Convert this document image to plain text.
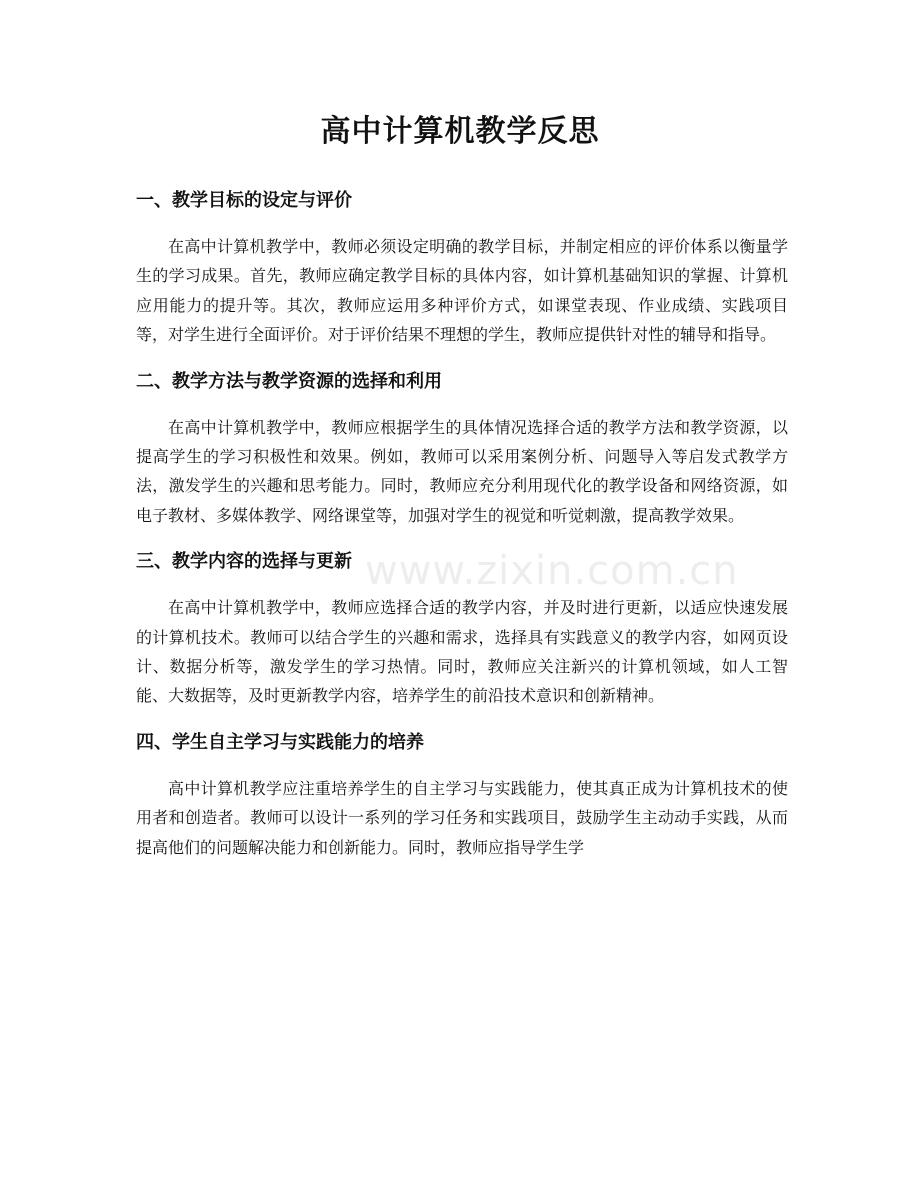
高中计算机教学反思
一、教学目标的设定与评价

在高中计算机教学中，教师必须设定明确的教学目标，并制定相应的评价体系以衡量学生的学习成果。首先，教师应确定教学目标的具体内容，如计算机基础知识的掌握、计算机应用能力的提升等。其次，教师应运用多种评价方式，如课堂表现、作业成绩、实践项目等，对学生进行全面评价。对于评价结果不理想的学生，教师应提供针对性的辅导和指导。

二、教学方法与教学资源的选择和利用

在高中计算机教学中，教师应根据学生的具体情况选择合适的教学方法和教学资源，以提高学生的学习积极性和效果。例如，教师可以采用案例分析、问题导入等启发式教学方法，激发学生的兴趣和思考能力。同时，教师应充分利用现代化的教学设备和网络资源，如电子教材、多媒体教学、网络课堂等，加强对学生的视觉和听觉刺激，提高教学效果。

三、教学内容的选择与更新

在高中计算机教学中，教师应选择合适的教学内容，并及时进行更新，以适应快速发展的计算机技术。教师可以结合学生的兴趣和需求，选择具有实践意义的教学内容，如网页设计、数据分析等，激发学生的学习热情。同时，教师应关注新兴的计算机领域，如人工智能、大数据等，及时更新教学内容，培养学生的前沿技术意识和创新精神。

四、学生自主学习与实践能力的培养

高中计算机教学应注重培养学生的自主学习与实践能力，使其真正成为计算机技术的使用者和创造者。教师可以设计一系列的学习任务和实践项目，鼓励学生主动动手实践，从而提高他们的问题解决能力和创新能力。同时，教师应指导学生学

www.zixin.com.cn
